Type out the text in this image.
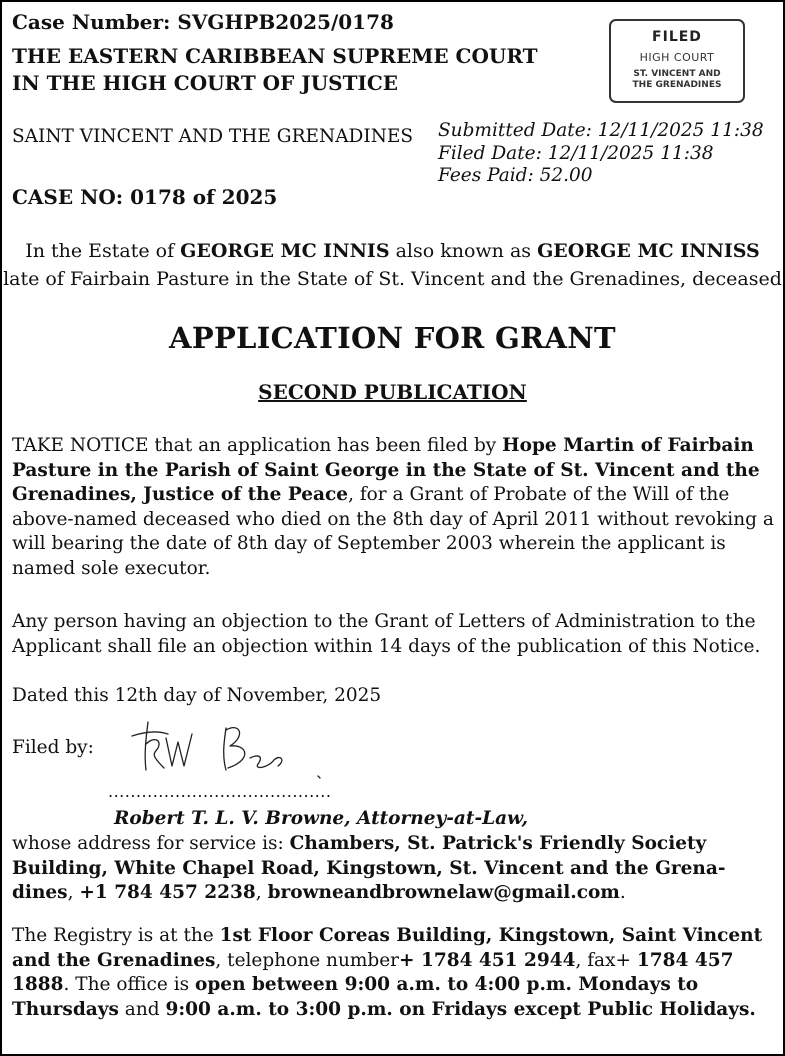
Case Number: SVGHPB2025/0178
THE EASTERN CARIBBEAN SUPREME COURT
IN THE HIGH COURT OF JUSTICE
FILED
HIGH COURT
ST. VINCENT AND
THE GRENADINES
SAINT VINCENT AND THE GRENADINES Submitted Date: 12/11/2025 11:38
Filed Date: 12/11/2025 11:38
Fees Paid: 52.00
CASE NO: 0178 of 2025
In the Estate of GEORGE MC INNIS also known as GEORGE MC INNISS
late of Fairbain Pasture in the State of St. Vincent and the Grenadines, deceased
APPLICATION FOR GRANT
SECOND PUBLICATION
TAKE NOTICE that an application has been filed by Hope Martin of Fairbain Pasture in the Parish of Saint George in the State of St. Vincent and the Grenadines, Justice of the Peace, for a Grant of Probate of the Will of the above-named deceased who died on the 8th day of April 2011 without revoking a will bearing the date of 8th day of September 2003 wherein the applicant is named sole executor.
Any person having an objection to the Grant of Letters of Administration to the Applicant shall file an objection within 14 days of the publication of this Notice.
Dated this 12th day of November, 2025
Filed by:
........................................
Robert T. L. V. Browne, Attorney-at-Law,
whose address for service is: Chambers, St. Patrick's Friendly Society Building, White Chapel Road, Kingstown, St. Vincent and the Grena-dines, +1 784 457 2238, browneandbrownelaw@gmail.com.
The Registry is at the 1st Floor Coreas Building, Kingstown, Saint Vincent and the Grenadines, telephone number+ 1784 451 2944, fax+ 1784 457 1888. The office is open between 9:00 a.m. to 4:00 p.m. Mondays to Thursdays and 9:00 a.m. to 3:00 p.m. on Fridays except Public Holidays.
